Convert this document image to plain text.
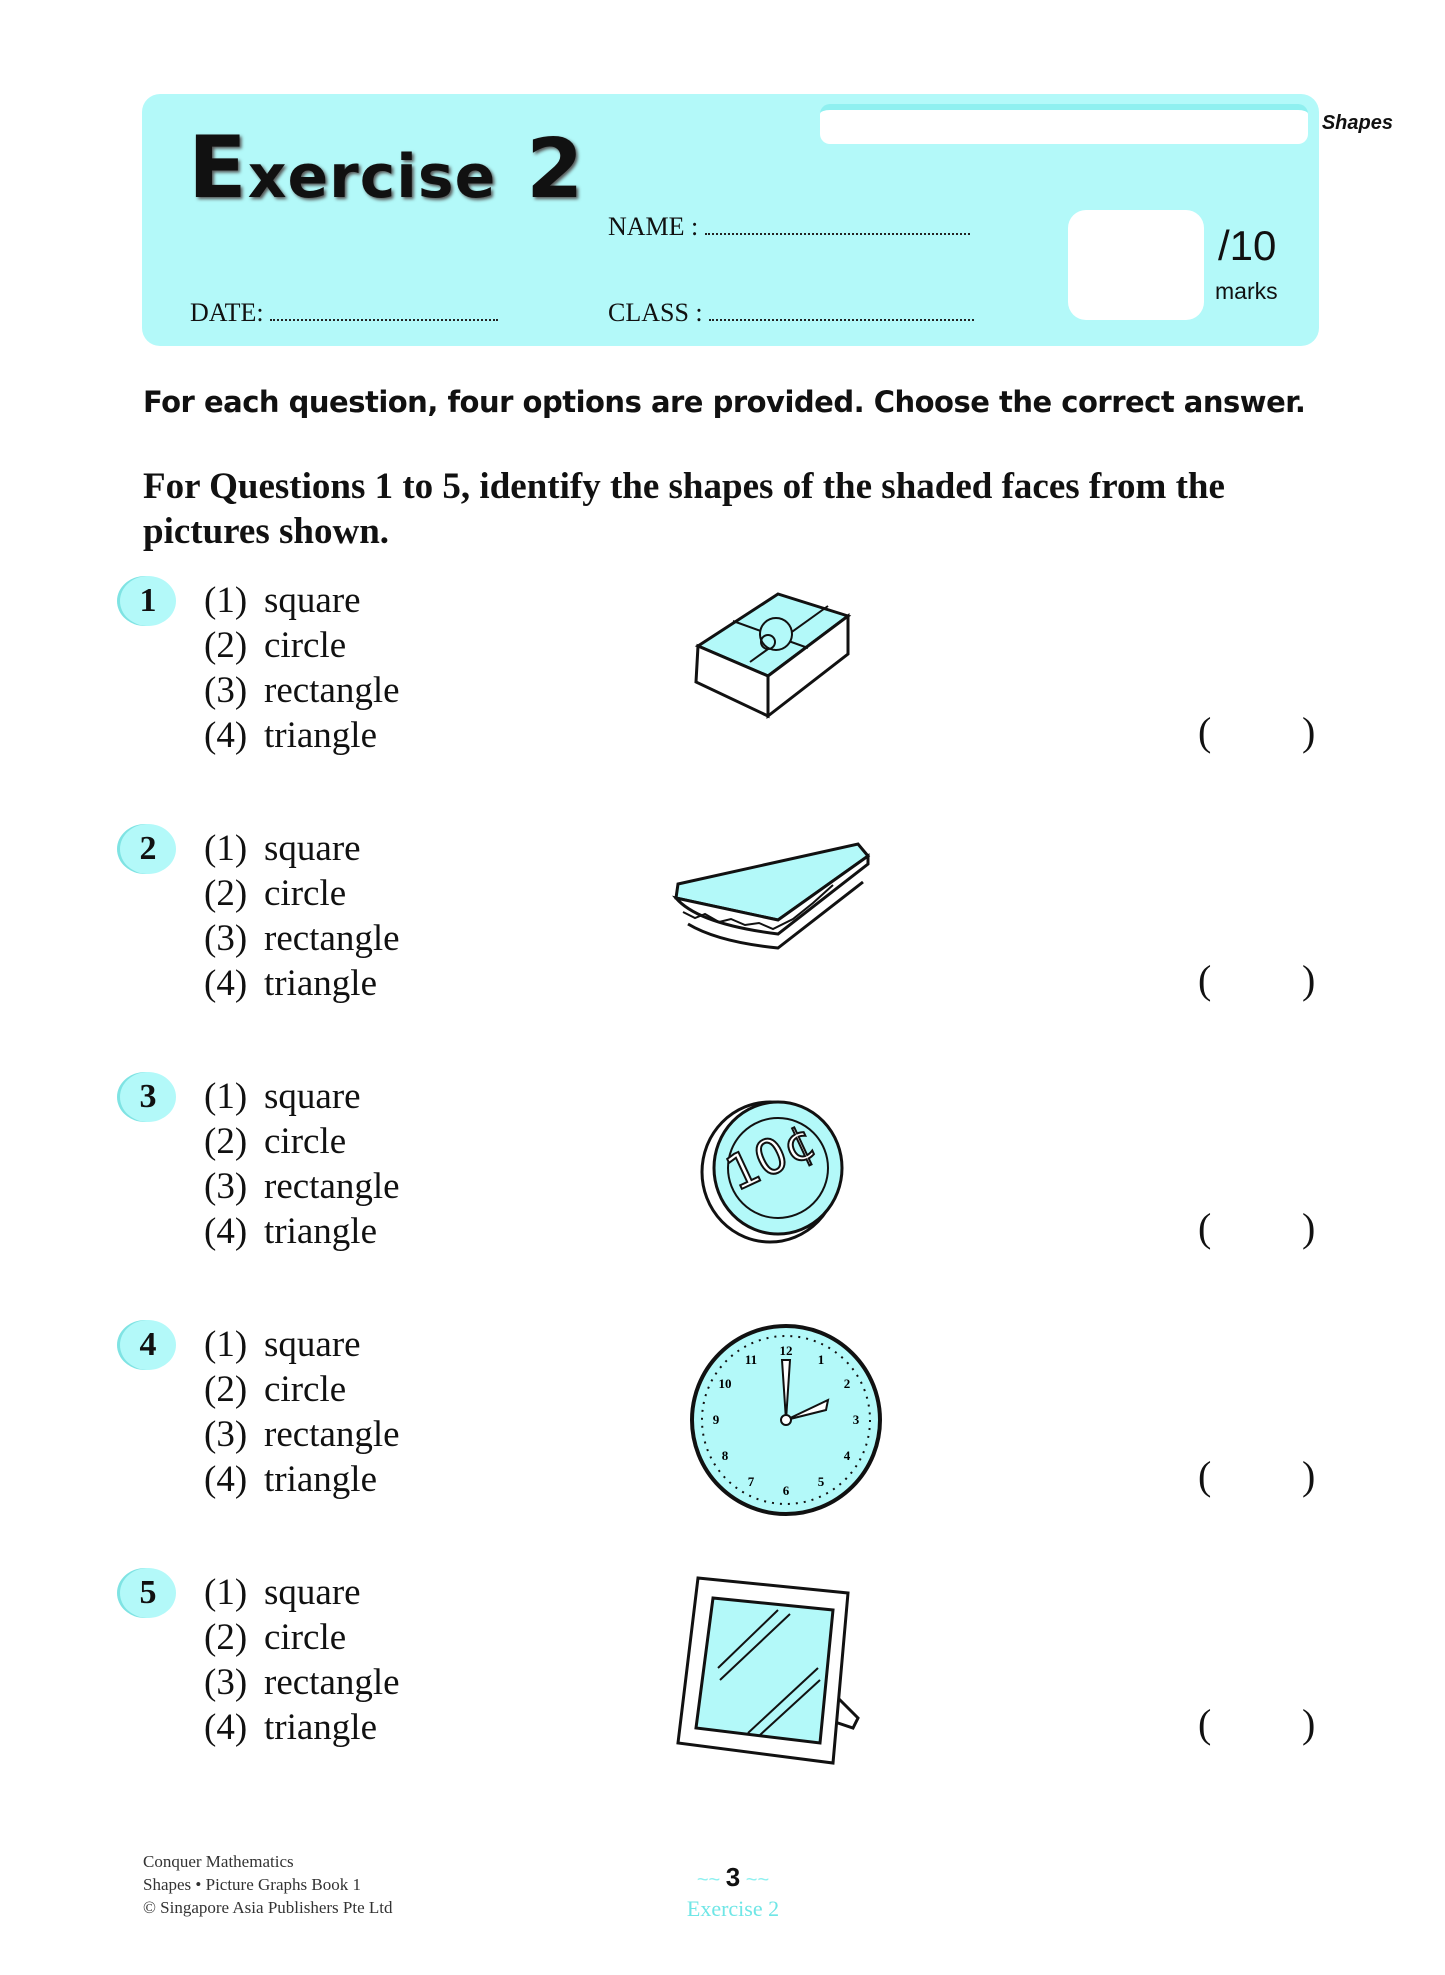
Shapes
Exercise 2
NAME :
DATE:	CLASS :
/10
marks
For each question, four options are provided. Choose the correct answer.
For Questions 1 to 5, identify the shapes of the shaded faces from the pictures shown.
1	(1) square
(2) circle
(3) rectangle
(4) triangle	( )
2	(1) square
(2) circle
(3) rectangle
(4) triangle	( )
3	(1) square
(2) circle
(3) rectangle
(4) triangle
10¢
( )
4	(1) square
(2) circle
(3) rectangle
(4) triangle
12
1
2
3
4
5
6
7
8
9
10
11
( )
5	(1) square
(2) circle
(3) rectangle
(4) triangle	( )
Conquer Mathematics
Shapes • Picture Graphs Book 1
© Singapore Asia Publishers Pte Ltd
~~ 3 ~~
Exercise 2
